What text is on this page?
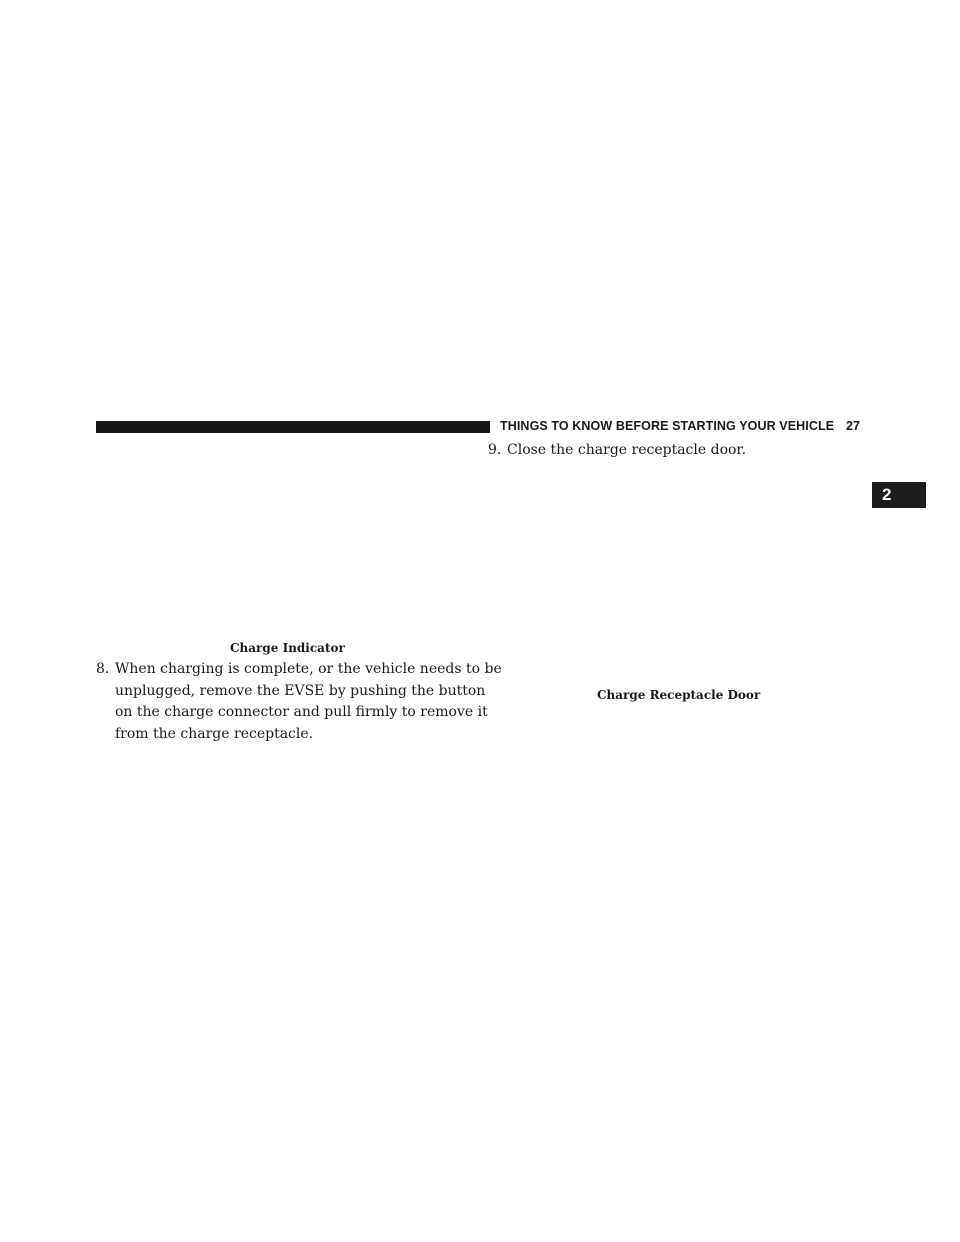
THINGS TO KNOW BEFORE STARTING YOUR VEHICLE 27
2
9. Close the charge receptacle door.
Charge Indicator
Charge Receptacle Door
8. When charging is complete, or the vehicle needs to be
unplugged, remove the EVSE by pushing the button
on the charge connector and pull firmly to remove it
from the charge receptacle.
